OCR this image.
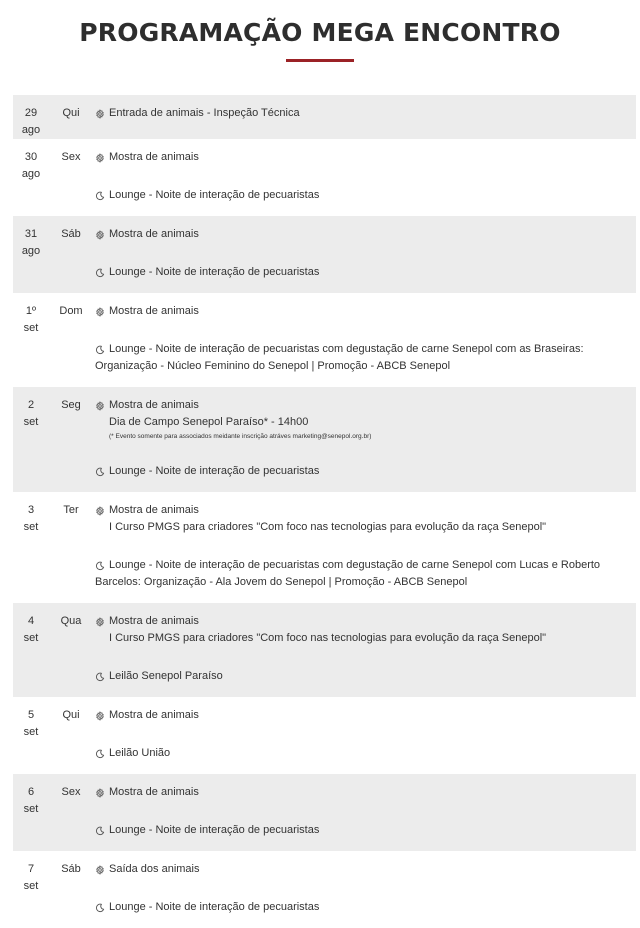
PROGRAMAÇÃO MEGA ENCONTRO
29
ago
Qui	Entrada de animais - Inspeção Técnica
30
ago
Sex	Mostra de animais
Lounge - Noite de interação de pecuaristas
31
ago
Sáb	Mostra de animais
Lounge - Noite de interação de pecuaristas
1º
set
Dom	Mostra de animais
Lounge - Noite de interação de pecuaristas com degustação de carne Senepol com as Braseiras:
Organização - Núcleo Feminino do Senepol | Promoção - ABCB Senepol
2
set
Seg	Mostra de animais
Dia de Campo Senepol Paraíso* - 14h00
(* Evento somente para associados meidante inscrição atráves marketing@senepol.org.br)
Lounge - Noite de interação de pecuaristas
3
set
Ter	Mostra de animais
I Curso PMGS para criadores "Com foco nas tecnologias para evolução da raça Senepol"
Lounge - Noite de interação de pecuaristas com degustação de carne Senepol com Lucas e Roberto
Barcelos: Organização - Ala Jovem do Senepol | Promoção - ABCB Senepol
4
set
Qua	Mostra de animais
I Curso PMGS para criadores "Com foco nas tecnologias para evolução da raça Senepol"
Leilão Senepol Paraíso
5
set
Qui	Mostra de animais
Leilão União
6
set
Sex	Mostra de animais
Lounge - Noite de interação de pecuaristas
7
set
Sáb	Saída dos animais
Lounge - Noite de interação de pecuaristas
